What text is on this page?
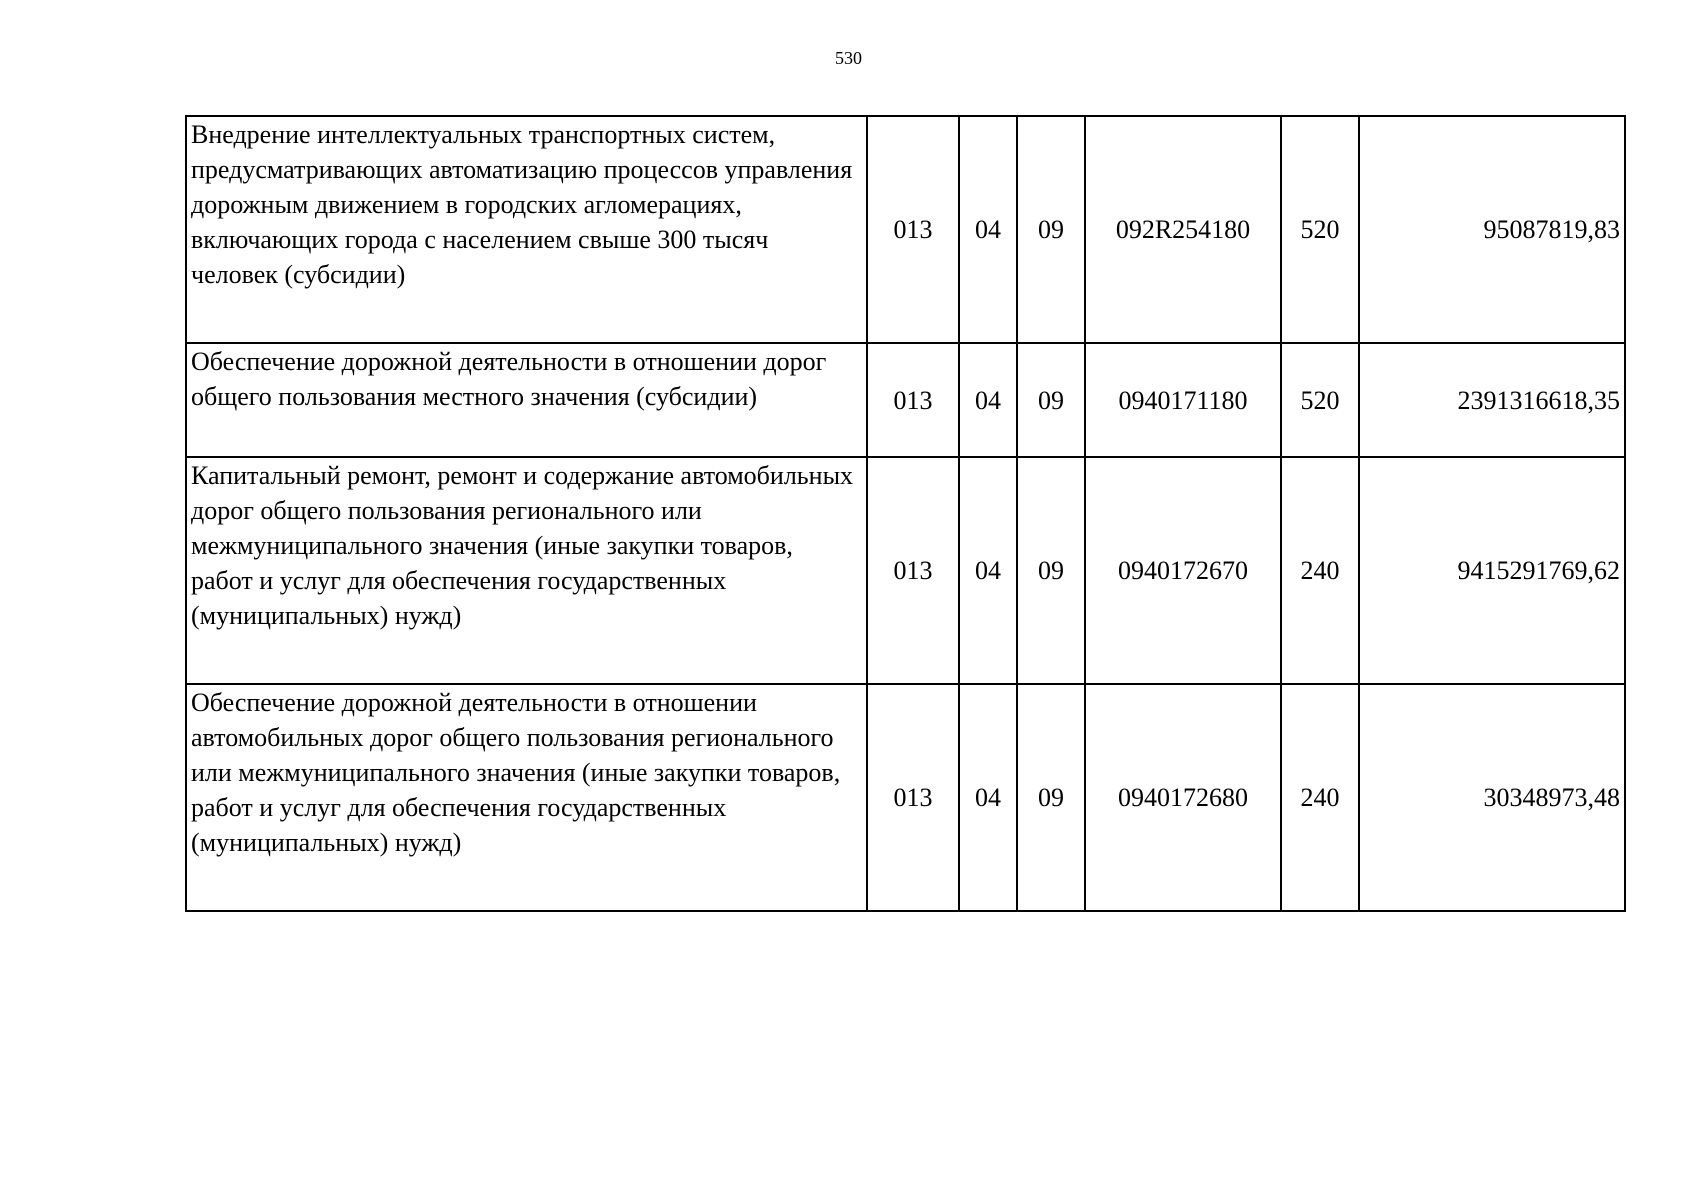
530
Внедрение интеллектуальных транспортных систем, предусматривающих автоматизацию процессов управления дорожным движением в городских агломерациях, включающих города с населением свыше 300 тысяч человек (субсидии)	013	04	09	092R254180	520	95087819,83
Обеспечение дорожной деятельности в отношении дорог общего пользования местного значения (субсидии)	013	04	09	0940171180	520	2391316618,35
Капитальный ремонт, ремонт и содержание автомобильных дорог общего пользования регионального или межмуниципального значения (иные закупки товаров, работ и услуг для обеспечения государственных (муниципальных) нужд)	013	04	09	0940172670	240	9415291769,62
Обеспечение дорожной деятельности в отношении автомобильных дорог общего пользования регионального или межмуниципального значения (иные закупки товаров, работ и услуг для обеспечения государственных (муниципальных) нужд)	013	04	09	0940172680	240	30348973,48
